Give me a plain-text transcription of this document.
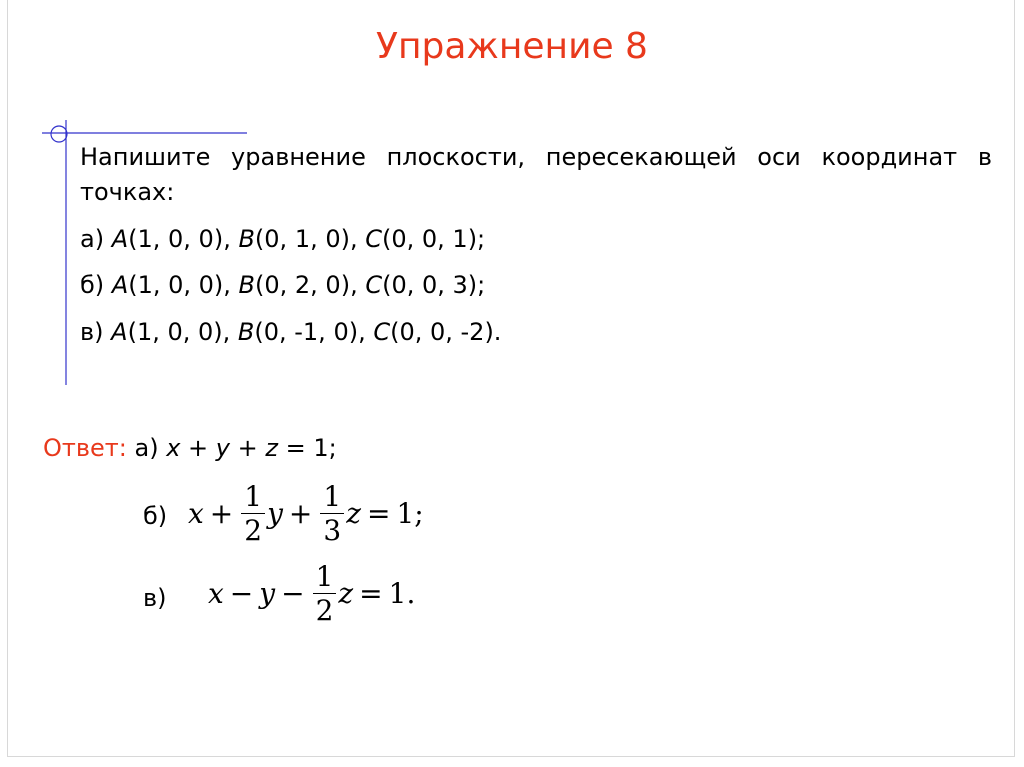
Упражнение 8

Напишите уравнение плоскости, пересекающей оси координат в точках:

а) A(1, 0, 0), B(0, 1, 0), C(0, 0, 1);

б) A(1, 0, 0), B(0, 2, 0), C(0, 0, 3);

в) A(1, 0, 0), B(0, -1, 0), C(0, 0, -2).

Ответ: а) x + y + z = 1;
б) $x + \frac{1}{2}$ $y + \frac{1}{3}$ z = 1;
в) $x - y - \frac{1}{2}$ z = 1.
